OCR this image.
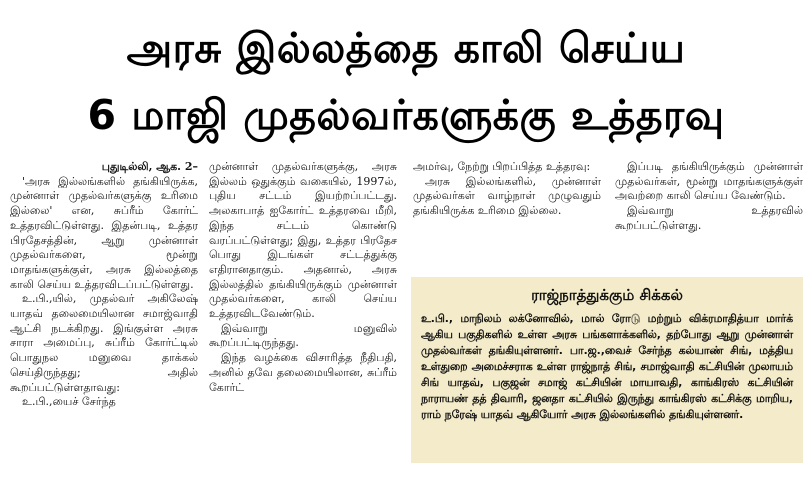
அரசு இல்லத்தை காலி செய்ய
6 மாஜி முதல்வர்களுக்கு உத்தரவு

புதுடில்லி, ஆக. 2–

'அரசு இல்லங்களில் தங்கியிருக்க, முன்னாள் முதல்வர்களுக்கு உரிமை இல்லை' என, சுப்ரீம் கோர்ட் உத்தரவிட்டுள்ளது. இதன்படி, உத்தர பிரதேசத்தின், ஆறு முன்னாள் முதல்வர்களை, மூன்று மாதங்களுக்குள், அரசு இல்லத்தை காலி செய்ய உத்தரவிடப்பட்டுள்ளது.

உ.பி.,யில், முதல்வர் அகிலேஷ் யாதவ் தலைமையிலான சமாஜ்வாதி ஆட்சி நடக்கிறது. இங்குள்ள அரசு சாரா அமைப்பு, சுப்ரீம் கோர்ட்டில் பொதுநல மனுவை தாக்கல் செய்திருந்தது; அதில் கூறப்பட்டுள்ளதாவது:

உ.பி.,யைச் சேர்ந்த

முன்னாள் முதல்வர்களுக்கு, அரசு இல்லம் ஒதுக்கும் வகையில், 1997ல், புதிய சட்டம் இயற்றப்பட்டது. அலகாபாத் ஐகோர்ட் உத்தரவை மீறி, இந்த சட்டம் கொண்டு வரப்பட்டுள்ளது; இது, உத்தர பிரதேச பொது இடங்கள் சட்டத்துக்கு எதிரானதாகும். அதனால், அரசு இல்லத்தில் தங்கியிருக்கும் முன்னாள் முதல்வர்களை, காலி செய்ய உத்தரவிடவேண்டும்.

இவ்வாறு மனுவில் கூறப்பட்டிருந்தது.

இந்த வழக்கை விசாரித்த நீதிபதி, அனில் தவே தலைமையிலான, சுப்ரீம் கோர்ட்

அமர்வு, நேற்று பிறப்பித்த உத்தரவு:

அரசு இல்லங்களில், முன்னாள் முதல்வர்கள் வாழ்நாள் முழுவதும் தங்கியிருக்க உரிமை இல்லை.

இப்படி தங்கியிருக்கும் முன்னாள் முதல்வர்கள், மூன்று மாதங்களுக்குள் அவற்றை காலி செய்ய வேண்டும்.

இவ்வாறு உத்தரவில் கூறப்பட்டுள்ளது.

ராஜ்நாத்துக்கும் சிக்கல்
உ.பி., மாநிலம் லக்னோவில், மால் ரோடு மற்றும் விக்ரமாதித்யா மார்க் ஆகிய பகுதிகளில் உள்ள அரசு பங்களாக்களில், தற்போது ஆறு முன்னாள் முதல்வர்கள் தங்கியுள்ளனர். பா.ஜ.,வைச் சேர்ந்த கல்யாண் சிங், மத்திய உள்துறை அமைச்சராக உள்ள ராஜ்நாத் சிங், சமாஜ்வாதி கட்சியின் முலாயம் சிங் யாதவ், பகுஜன் சமாஜ் கட்சியின் மாயாவதி, காங்கிரஸ் கட்சியின் நாராயண் தத் திவாரி, ஜனதா கட்சியில் இருந்து காங்கிரஸ் கட்சிக்கு மாறிய, ராம் நரேஷ் யாதவ் ஆகியோர் அரசு இல்லங்களில் தங்கியுள்ளனர்.
